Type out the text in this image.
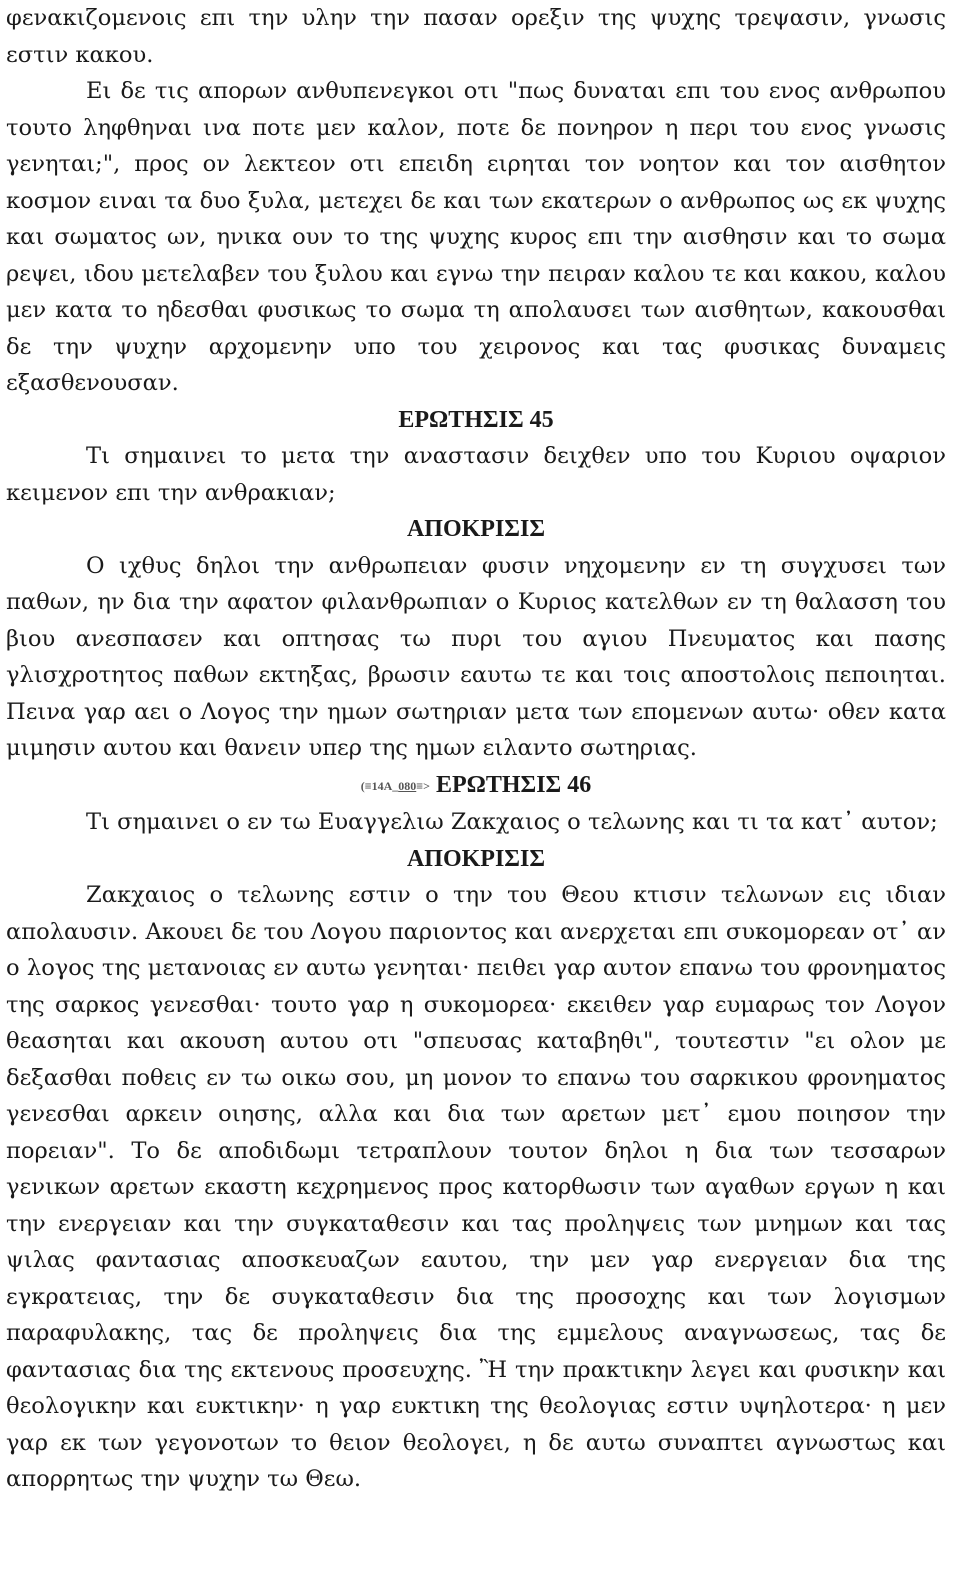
φενακιζομενοις επι την υλην την πασαν ορεξιν της ψυχης τρεψασιν, γνωσις εστιν κακου.

Ει δε τις απορων ανθυπενεγκοι οτι "πως δυναται επι του ενος ανθρωπου τουτο ληφθηναι ινα ποτε μεν καλον, ποτε δε πονηρον η περι του ενος γνωσις γενηται;", προς ον λεκτεον οτι επειδη ειρηται τον νοητον και τον αισθητον κοσμον ειναι τα δυο ξυλα, μετεχει δε και των εκατερων ο ανθρωπος ως εκ ψυχης και σωματος ων, ηνικα ουν το της ψυχης κυρος επι την αισθησιν και το σωμα ρεψει, ιδου μετελαβεν του ξυλου και εγνω την πειραν καλου τε και κακου, καλου μεν κατα το ηδεσθαι φυσικως το σωμα τη απολαυσει των αισθητων, κακουσθαι δε την ψυχην αρχομενην υπο του χειρονος και τας φυσικας δυναμεις εξασθενουσαν.

ΕΡΩΤΗΣΙΣ 45

Τι σημαινει το μετα την αναστασιν δειχθεν υπο του Κυριου οψαριον κειμενον επι την ανθρακιαν;

ΑΠΟΚΡΙΣΙΣ

Ο ιχθυς δηλοι την ανθρωπειαν φυσιν νηχομενην εν τη συγχυσει των παθων, ην δια την αφατον φιλανθρωπιαν ο Κυριος κατελθων εν τη θαλασση του βιου ανεσπασεν και οπτησας τω πυρι του αγιου Πνευματος και πασης γλισχροτητος παθων εκτηξας, βρωσιν εαυτω τε και τοις αποστολοις πεποιηται. Πεινα γαρ αει ο Λογος την ημων σωτηριαν μετα των επομενων αυτω· οθεν κατα μιμησιν αυτου και θανειν υπερ της ημων ειλαντο σωτηριας.

(≡14A_080≡> ΕΡΩΤΗΣΙΣ 46

Τι σημαινει ο εν τω Ευαγγελιω Ζακχαιος ο τελωνης και τι τα κατ᾽ αυτον;

ΑΠΟΚΡΙΣΙΣ

Ζακχαιος ο τελωνης εστιν ο την του Θεου κτισιν τελωνων εις ιδιαν απολαυσιν. Ακουει δε του Λογου παριοντος και ανερχεται επι συκομορεαν οτ᾽ αν ο λογος της μετανοιας εν αυτω γενηται· πειθει γαρ αυτον επανω του φρονηματος της σαρκος γενεσθαι· τουτο γαρ η συκομορεα· εκειθεν γαρ ευμαρως τον Λογον θεασηται και ακουση αυτου οτι "σπευσας καταβηθι", τουτεστιν "ει ολον με δεξασθαι ποθεις εν τω οικω σου, μη μονον το επανω του σαρκικου φρονηματος γενεσθαι αρκειν οιησης, αλλα και δια των αρετων μετ᾽ εμου ποιησον την πορειαν". Το δε αποδιδωμι τετραπλουν τουτον δηλοι η δια των τεσσαρων γενικων αρετων εκαστη κεχρημενος προς κατορθωσιν των αγαθων εργων η και την ενεργειαν και την συγκαταθεσιν και τας προληψεις των μνημων και τας ψιλας φαντασιας αποσκευαζων εαυτου, την μεν γαρ ενεργειαν δια της εγκρατειας, την δε συγκαταθεσιν δια της προσοχης και των λογισμων παραφυλακης, τας δε προληψεις δια της εμμελους αναγνωσεως, τας δε φαντασιας δια της εκτενους προσευχης. Ἢ την πρακτικην λεγει και φυσικην και θεολογικην και ευκτικην· η γαρ ευκτικη της θεολογιας εστιν υψηλοτερα· η μεν γαρ εκ των γεγονοτων το θειον θεολογει, η δε αυτω συναπτει αγνωστως και απορρητως την ψυχην τω Θεω.
